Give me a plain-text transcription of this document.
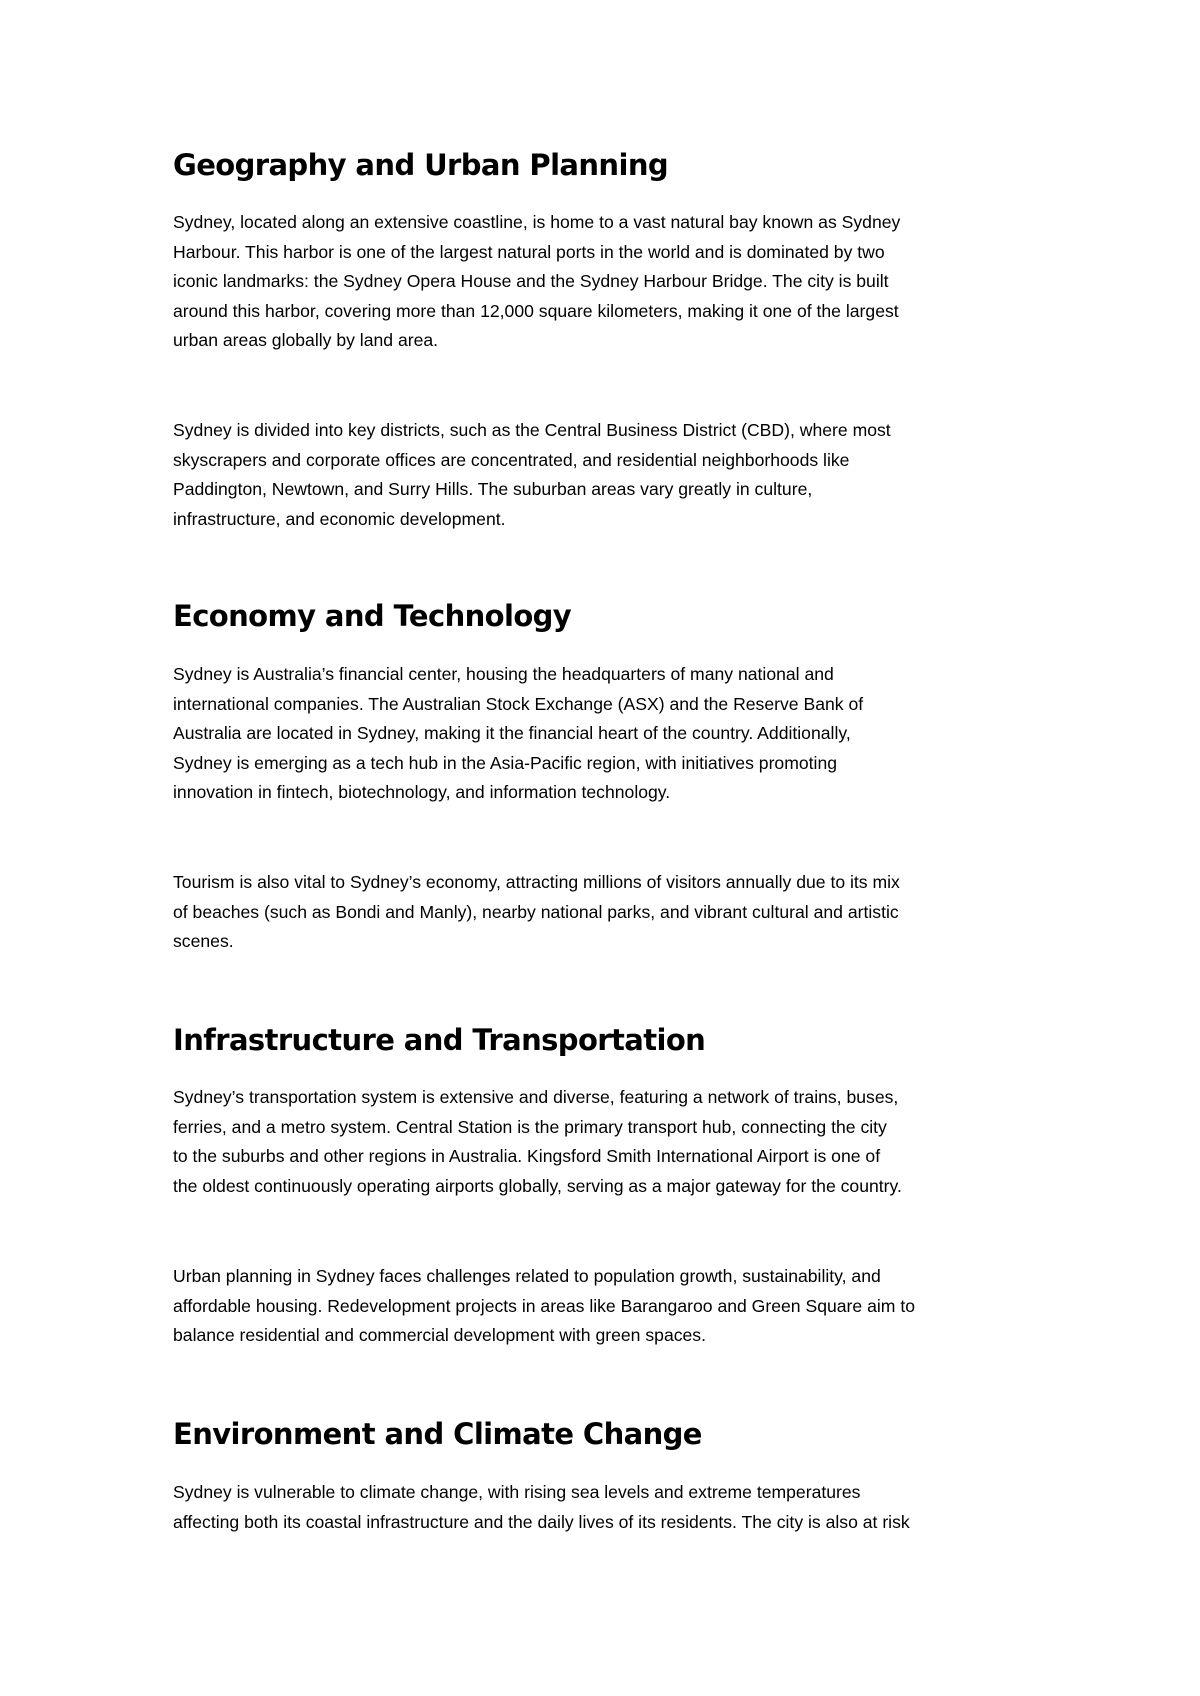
Geography and Urban Planning

Sydney, located along an extensive coastline, is home to a vast natural bay known as Sydney
Harbour. This harbor is one of the largest natural ports in the world and is dominated by two
iconic landmarks: the Sydney Opera House and the Sydney Harbour Bridge. The city is built
around this harbor, covering more than 12,000 square kilometers, making it one of the largest
urban areas globally by land area.

Sydney is divided into key districts, such as the Central Business District (CBD), where most
skyscrapers and corporate offices are concentrated, and residential neighborhoods like
Paddington, Newtown, and Surry Hills. The suburban areas vary greatly in culture,
infrastructure, and economic development.

Economy and Technology

Sydney is Australia’s financial center, housing the headquarters of many national and
international companies. The Australian Stock Exchange (ASX) and the Reserve Bank of
Australia are located in Sydney, making it the financial heart of the country. Additionally,
Sydney is emerging as a tech hub in the Asia-Pacific region, with initiatives promoting
innovation in fintech, biotechnology, and information technology.

Tourism is also vital to Sydney’s economy, attracting millions of visitors annually due to its mix
of beaches (such as Bondi and Manly), nearby national parks, and vibrant cultural and artistic
scenes.

Infrastructure and Transportation

Sydney’s transportation system is extensive and diverse, featuring a network of trains, buses,
ferries, and a metro system. Central Station is the primary transport hub, connecting the city
to the suburbs and other regions in Australia. Kingsford Smith International Airport is one of
the oldest continuously operating airports globally, serving as a major gateway for the country.

Urban planning in Sydney faces challenges related to population growth, sustainability, and
affordable housing. Redevelopment projects in areas like Barangaroo and Green Square aim to
balance residential and commercial development with green spaces.

Environment and Climate Change

Sydney is vulnerable to climate change, with rising sea levels and extreme temperatures
affecting both its coastal infrastructure and the daily lives of its residents. The city is also at risk
